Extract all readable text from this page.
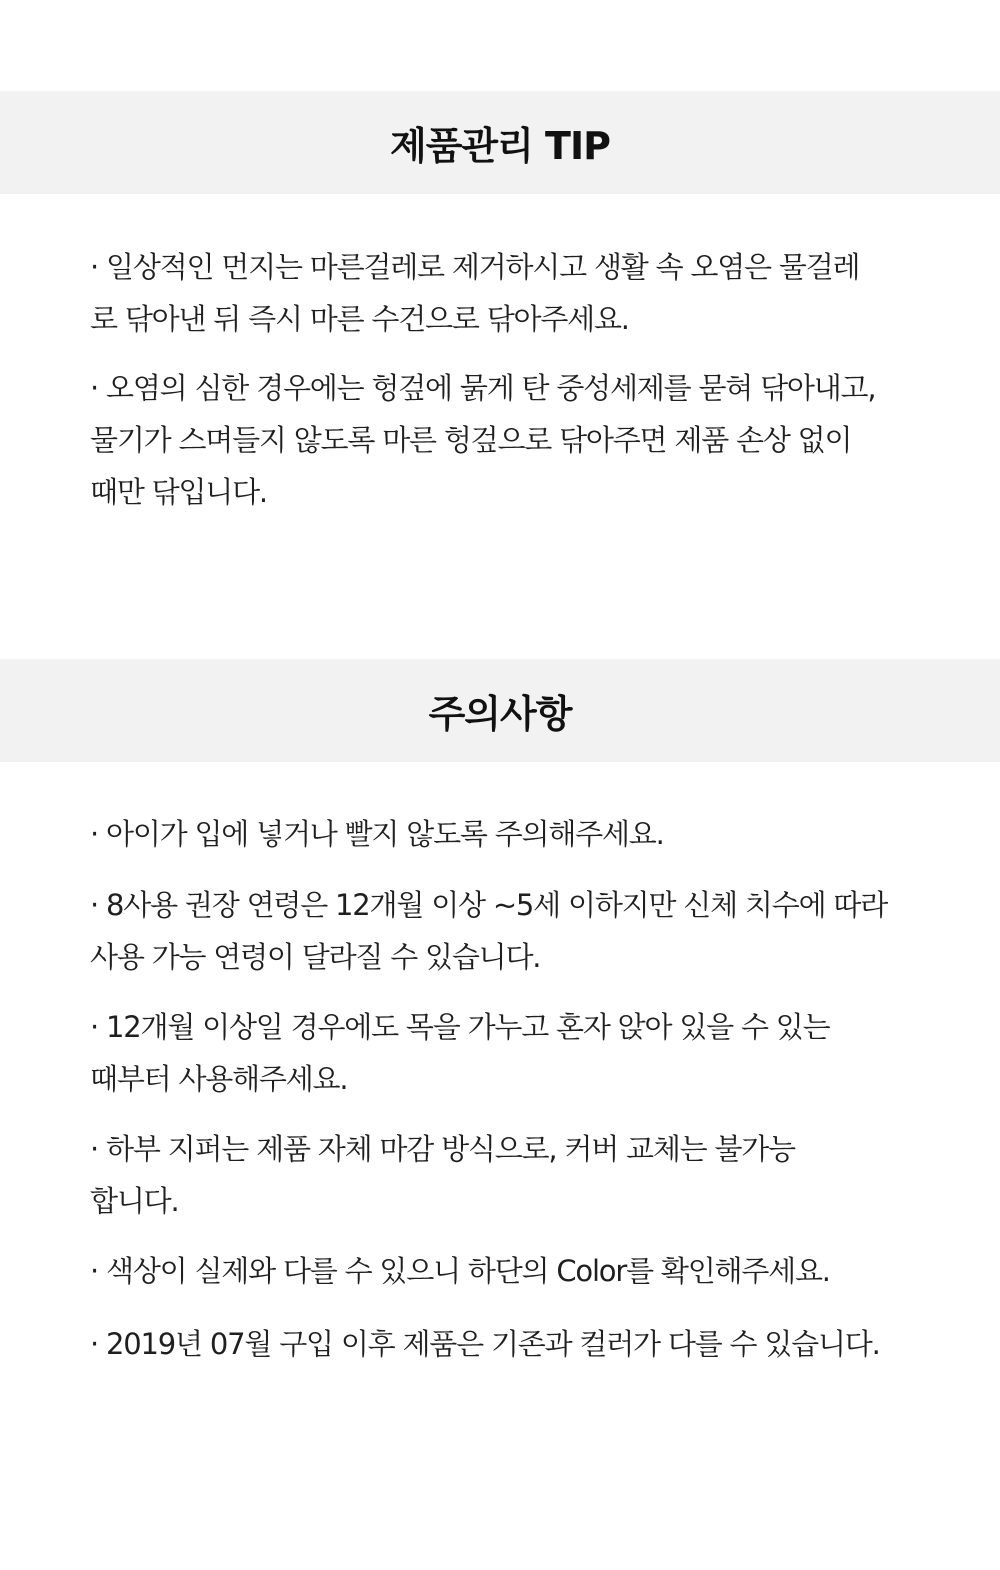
제품관리 TIP

· 일상적인 먼지는 마른걸레로 제거하시고 생활 속 오염은 물걸레
로 닦아낸 뒤 즉시 마른 수건으로 닦아주세요.

· 오염의 심한 경우에는 헝겊에 묽게 탄 중성세제를 묻혀 닦아내고,
물기가 스며들지 않도록 마른 헝겊으로 닦아주면 제품 손상 없이
때만 닦입니다.

주의사항

· 아이가 입에 넣거나 빨지 않도록 주의해주세요.

· 8사용 권장 연령은 12개월 이상 ~5세 이하지만 신체 치수에 따라
사용 가능 연령이 달라질 수 있습니다.

· 12개월 이상일 경우에도 목을 가누고 혼자 앉아 있을 수 있는
때부터 사용해주세요.

· 하부 지퍼는 제품 자체 마감 방식으로, 커버 교체는 불가능
합니다.

· 색상이 실제와 다를 수 있으니 하단의 Color를 확인해주세요.

· 2019년 07월 구입 이후 제품은 기존과 컬러가 다를 수 있습니다.
